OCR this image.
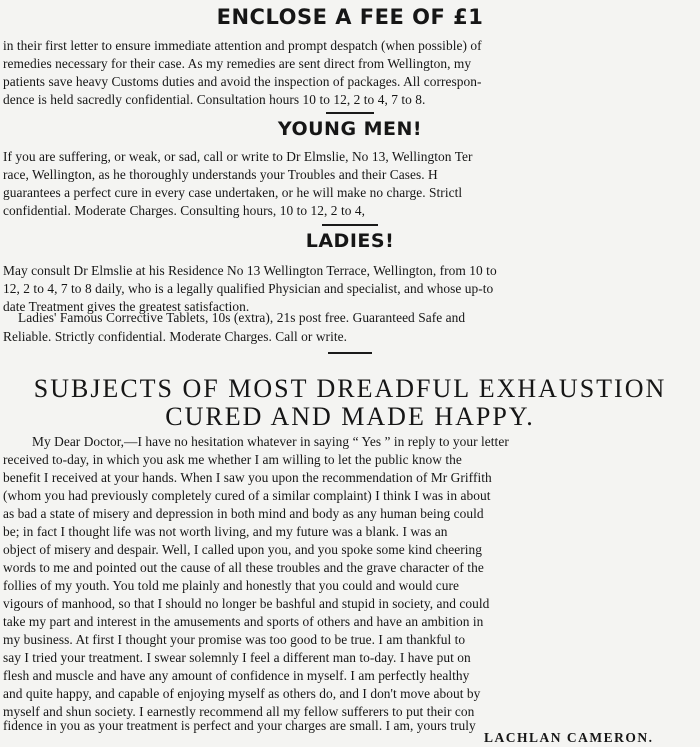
ENCLOSE A FEE OF £1
in their first letter to ensure immediate attention and prompt despatch (when possible) of
remedies necessary for their case. As my remedies are sent direct from Wellington, my
patients save heavy Customs duties and avoid the inspection of packages. All correspon-
dence is held sacredly confidential. Consultation hours 10 to 12, 2 to 4, 7 to 8.
YOUNG MEN!
If you are suffering, or weak, or sad, call or write to Dr Elmslie, No 13, Wellington Ter
race, Wellington, as he thoroughly understands your Troubles and their Cases. H
guarantees a perfect cure in every case undertaken, or he will make no charge. Strictl
confidential. Moderate Charges. Consulting hours, 10 to 12, 2 to 4,
LADIES!
May consult Dr Elmslie at his Residence No 13 Wellington Terrace, Wellington, from 10 to
12, 2 to 4, 7 to 8 daily, who is a legally qualified Physician and specialist, and whose up-to
date Treatment gives the greatest satisfaction.
Ladies' Famous Corrective Tablets, 10s (extra), 21s post free. Guaranteed Safe and
Reliable. Strictly confidential. Moderate Charges. Call or write.
SUBJECTS OF MOST DREADFUL EXHAUSTION
CURED AND MADE HAPPY.
My Dear Doctor,—I have no hesitation whatever in saying “ Yes ” in reply to your letter
received to-day, in which you ask me whether I am willing to let the public know the
benefit I received at your hands. When I saw you upon the recommendation of Mr Griffith
(whom you had previously completely cured of a similar complaint) I think I was in about
as bad a state of misery and depression in both mind and body as any human being could
be; in fact I thought life was not worth living, and my future was a blank. I was an
object of misery and despair. Well, I called upon you, and you spoke some kind cheering
words to me and pointed out the cause of all these troubles and the grave character of the
follies of my youth. You told me plainly and honestly that you could and would cure
vigours of manhood, so that I should no longer be bashful and stupid in society, and could
take my part and interest in the amusements and sports of others and have an ambition in
my business. At first I thought your promise was too good to be true. I am thankful to
say I tried your treatment. I swear solemnly I feel a different man to-day. I have put on
flesh and muscle and have any amount of confidence in myself. I am perfectly healthy
and quite happy, and capable of enjoying myself as others do, and I don't move about by
myself and shun society. I earnestly recommend all my fellow sufferers to put their con
fidence in you as your treatment is perfect and your charges are small. I am, yours truly
LACHLAN CAMERON.
